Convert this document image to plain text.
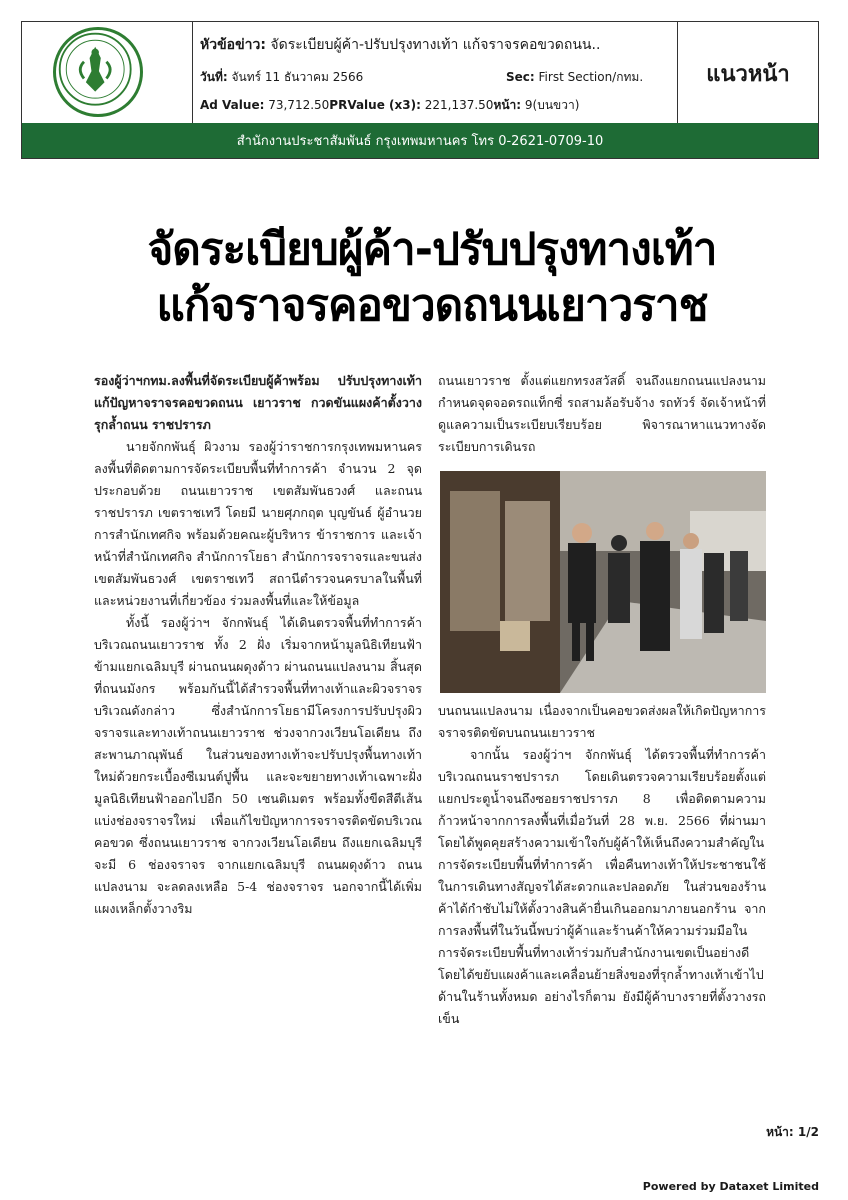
หัวข้อข่าว: จัดระเบียบผู้ค้า-ปรับปรุงทางเท้า แก้จราจรคอขวดถนน..
วันที่: จันทร์ 11 ธันวาคม 2566	Sec: First Section/กทม.
Ad Value: 73,712.50PRValue (x3): 221,137.50หน้า: 9(บนขวา)
แนวหน้า
สำนักงานประชาสัมพันธ์ กรุงเทพมหานคร โทร 0-2621-0709-10
จัดระเบียบผู้ค้า-ปรับปรุงทางเท้า
แก้จราจรคอขวดถนนเยาวราช

รองผู้ว่าฯกทม.ลงพื้นที่จัดระเบียบผู้ค้าพร้อม ปรับปรุงทางเท้าแก้ปัญหาจราจรคอขวดถนน เยาวราช กวดขันแผงค้าตั้งวางรุกล้ำถนน ราชปรารภ

นายจักกพันธุ์ ผิวงาม รองผู้ว่าราชการกรุงเทพมหานคร ลงพื้นที่ติดตามการจัดระเบียบพื้นที่ทำการค้า จำนวน 2 จุด ประกอบด้วย ถนนเยาวราช เขตสัมพันธวงศ์ และถนนราชปรารภ เขตราชเทวี โดยมี นายศุภกฤต บุญขันธ์ ผู้อำนวยการสำนักเทศกิจ พร้อมด้วยคณะผู้บริหาร ข้าราชการ และเจ้าหน้าที่สำนักเทศกิจ สำนักการโยธา สำนักการจราจรและขนส่ง เขตสัมพันธวงศ์ เขตราชเทวี สถานีตำรวจนครบาลในพื้นที่ และหน่วยงานที่เกี่ยวข้อง ร่วมลงพื้นที่และให้ข้อมูล

ทั้งนี้ รองผู้ว่าฯ จักกพันธุ์ ได้เดินตรวจพื้นที่ทำการค้าบริเวณถนนเยาวราช ทั้ง 2 ฝั่ง เริ่มจากหน้ามูลนิธิเทียนฟ้า ข้ามแยกเฉลิมบุรี ผ่านถนนผดุงด้าว ผ่านถนนแปลงนาม สิ้นสุดที่ถนนมังกร พร้อมกันนี้ได้สำรวจพื้นที่ทางเท้าและผิวจราจรบริเวณดังกล่าว ซึ่งสำนักการโยธามีโครงการปรับปรุงผิวจราจรและทางเท้าถนนเยาวราช ช่วงจากวงเวียนโอเดียน ถึงสะพานภาณุพันธ์ ในส่วนของทางเท้าจะปรับปรุงพื้นทางเท้าใหม่ด้วยกระเบื้องซีเมนต์ปูพื้น และจะขยายทางเท้าเฉพาะฝั่งมูลนิธิเทียนฟ้าออกไปอีก 50 เซนติเมตร พร้อมทั้งขีดสีตีเส้นแบ่งช่องจราจรใหม่ เพื่อแก้ไขปัญหาการจราจรติดขัดบริเวณคอขวด ซึ่งถนนเยาวราช จากวงเวียนโอเดียน ถึงแยกเฉลิมบุรี จะมี 6 ช่องจราจร จากแยกเฉลิมบุรี ถนนผดุงด้าว ถนนแปลงนาม จะลดลงเหลือ 5-4 ช่องจราจร นอกจากนี้ได้เพิ่มแผงเหล็กตั้งวางริม

ถนนเยาวราช ตั้งแต่แยกทรงสวัสดิ์ จนถึงแยกถนนแปลงนาม กำหนดจุดจอดรถแท็กซี่ รถสามล้อรับจ้าง รถทัวร์ จัดเจ้าหน้าที่ดูแลความเป็นระเบียบเรียบร้อย พิจารณาหาแนวทางจัดระเบียบการเดินรถ

บนถนนแปลงนาม เนื่องจากเป็นคอขวดส่งผลให้เกิดปัญหาการจราจรติดขัดบนถนนเยาวราช

จากนั้น รองผู้ว่าฯ จักกพันธุ์ ได้ตรวจพื้นที่ทำการค้าบริเวณถนนราชปรารภ โดยเดินตรวจความเรียบร้อยตั้งแต่แยกประตูน้ำจนถึงซอยราชปรารภ 8 เพื่อติดตามความก้าวหน้าจากการลงพื้นที่เมื่อวันที่ 28 พ.ย. 2566 ที่ผ่านมา โดยได้พูดคุยสร้างความเข้าใจกับผู้ค้าให้เห็นถึงความสำคัญในการจัดระเบียบพื้นที่ทำการค้า เพื่อคืนทางเท้าให้ประชาชนใช้ในการเดินทางสัญจรได้สะดวกและปลอดภัย ในส่วนของร้านค้าได้กำชับไม่ให้ตั้งวางสินค้ายื่นเกินออกมาภายนอกร้าน จากการลงพื้นที่ในวันนี้พบว่าผู้ค้าและร้านค้าให้ความร่วมมือในการจัดระเบียบพื้นที่ทางเท้าร่วมกับสำนักงานเขตเป็นอย่างดี โดยได้ขยับแผงค้าและเคลื่อนย้ายสิ่งของที่รุกล้ำทางเท้าเข้าไปด้านในร้านทั้งหมด อย่างไรก็ตาม ยังมีผู้ค้าบางรายที่ตั้งวางรถเข็น

หน้า: 1/2
Powered by Dataxet Limited
